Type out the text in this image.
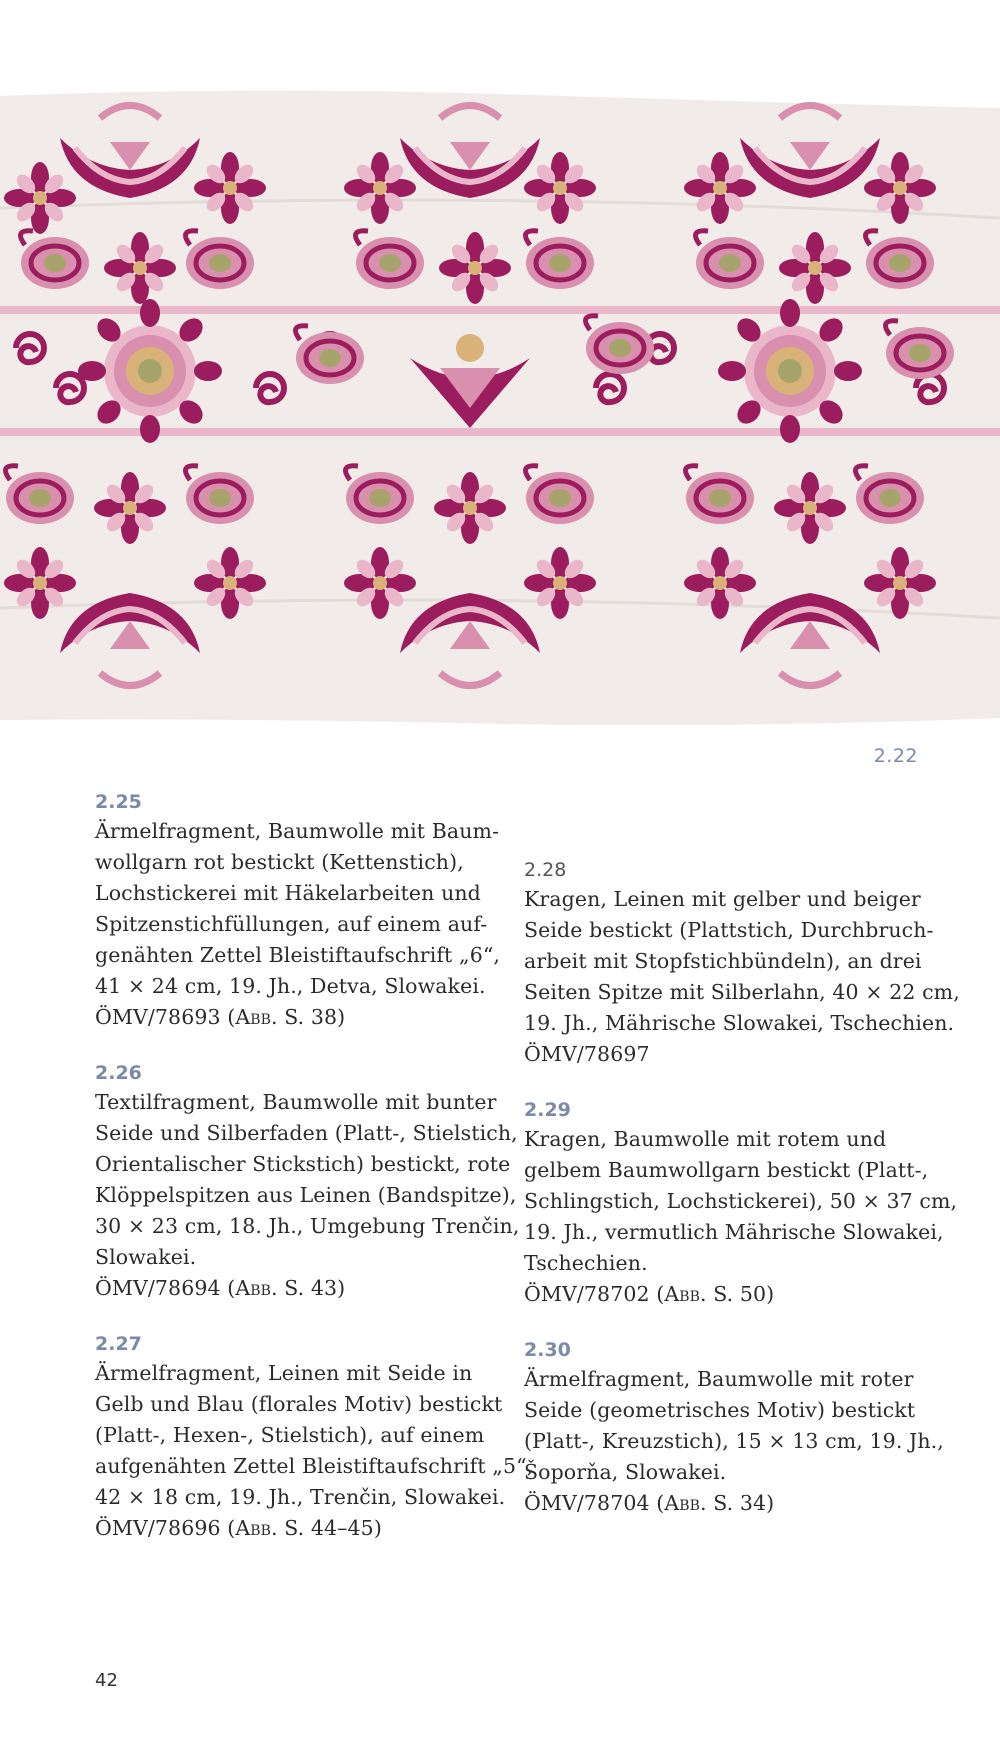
2.22
2.25
Ärmelfragment, Baumwolle mit Baum-
wollgarn rot bestickt (Kettenstich),
Lochstickerei mit Häkelarbeiten und
Spitzenstichfüllungen, auf einem auf-
genähten Zettel Bleistiftaufschrift „6“,
41 × 24 cm, 19. Jh., Detva, Slowakei.
ÖMV/78693 (Abb. S. 38)
2.26
Textilfragment, Baumwolle mit bunter
Seide und Silberfaden (Platt-, Stielstich,
Orientalischer Stickstich) bestickt, rote
Klöppelspitzen aus Leinen (Bandspitze),
30 × 23 cm, 18. Jh., Umgebung Trenčin,
Slowakei.
ÖMV/78694 (Abb. S. 43)
2.27
Ärmelfragment, Leinen mit Seide in
Gelb und Blau (florales Motiv) bestickt
(Platt-, Hexen-, Stielstich), auf einem
aufgenähten Zettel Bleistiftaufschrift „5“,
42 × 18 cm, 19. Jh., Trenčin, Slowakei.
ÖMV/78696 (Abb. S. 44–45)
2.28
Kragen, Leinen mit gelber und beiger
Seide bestickt (Plattstich, Durchbruch-
arbeit mit Stopfstichbündeln), an drei
Seiten Spitze mit Silberlahn, 40 × 22 cm,
19. Jh., Mährische Slowakei, Tschechien.
ÖMV/78697
2.29
Kragen, Baumwolle mit rotem und
gelbem Baumwollgarn bestickt (Platt-,
Schlingstich, Lochstickerei), 50 × 37 cm,
19. Jh., vermutlich Mährische Slowakei,
Tschechien.
ÖMV/78702 (Abb. S. 50)
2.30
Ärmelfragment, Baumwolle mit roter
Seide (geometrisches Motiv) bestickt
(Platt-, Kreuzstich), 15 × 13 cm, 19. Jh.,
Šoporňa, Slowakei.
ÖMV/78704 (Abb. S. 34)
42
